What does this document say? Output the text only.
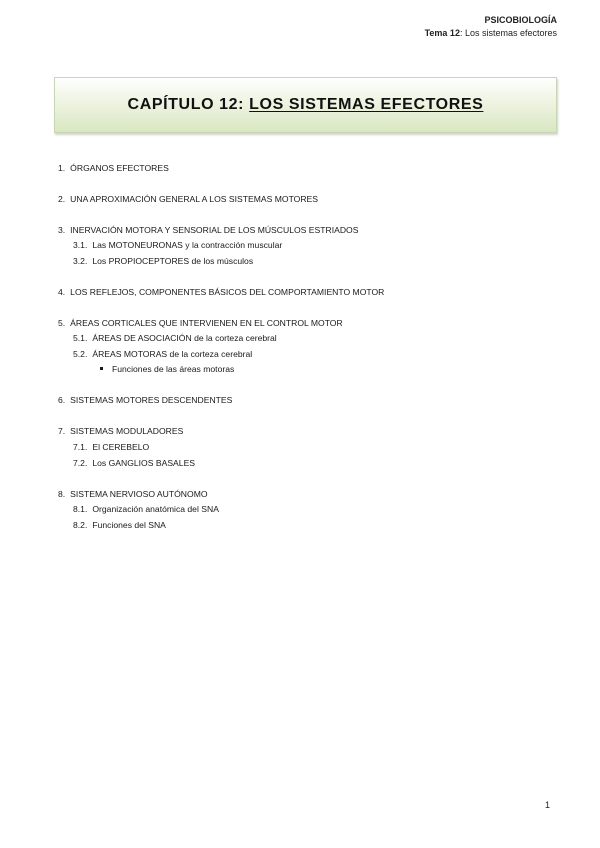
PSICOBIOLOGÍA
Tema 12: Los sistemas efectores
CAPÍTULO 12: LOS SISTEMAS EFECTORES
1. ÓRGANOS EFECTORES
2. UNA APROXIMACIÓN GENERAL A LOS SISTEMAS MOTORES
3. INERVACIÓN MOTORA Y SENSORIAL DE LOS MÚSCULOS ESTRIADOS
3.1. Las MOTONEURONAS y la contracción muscular
3.2. Los PROPIOCEPTORES de los músculos
4. LOS REFLEJOS, COMPONENTES BÁSICOS DEL COMPORTAMIENTO MOTOR
5. ÁREAS CORTICALES QUE INTERVIENEN EN EL CONTROL MOTOR
5.1. ÁREAS DE ASOCIACIÓN de la corteza cerebral
5.2. ÁREAS MOTORAS de la corteza cerebral
Funciones de las áreas motoras
6. SISTEMAS MOTORES DESCENDENTES
7. SISTEMAS MODULADORES
7.1. El CEREBELO
7.2. Los GANGLIOS BASALES
8. SISTEMA NERVIOSO AUTÓNOMO
8.1. Organización anatómica del SNA
8.2. Funciones del SNA
1
